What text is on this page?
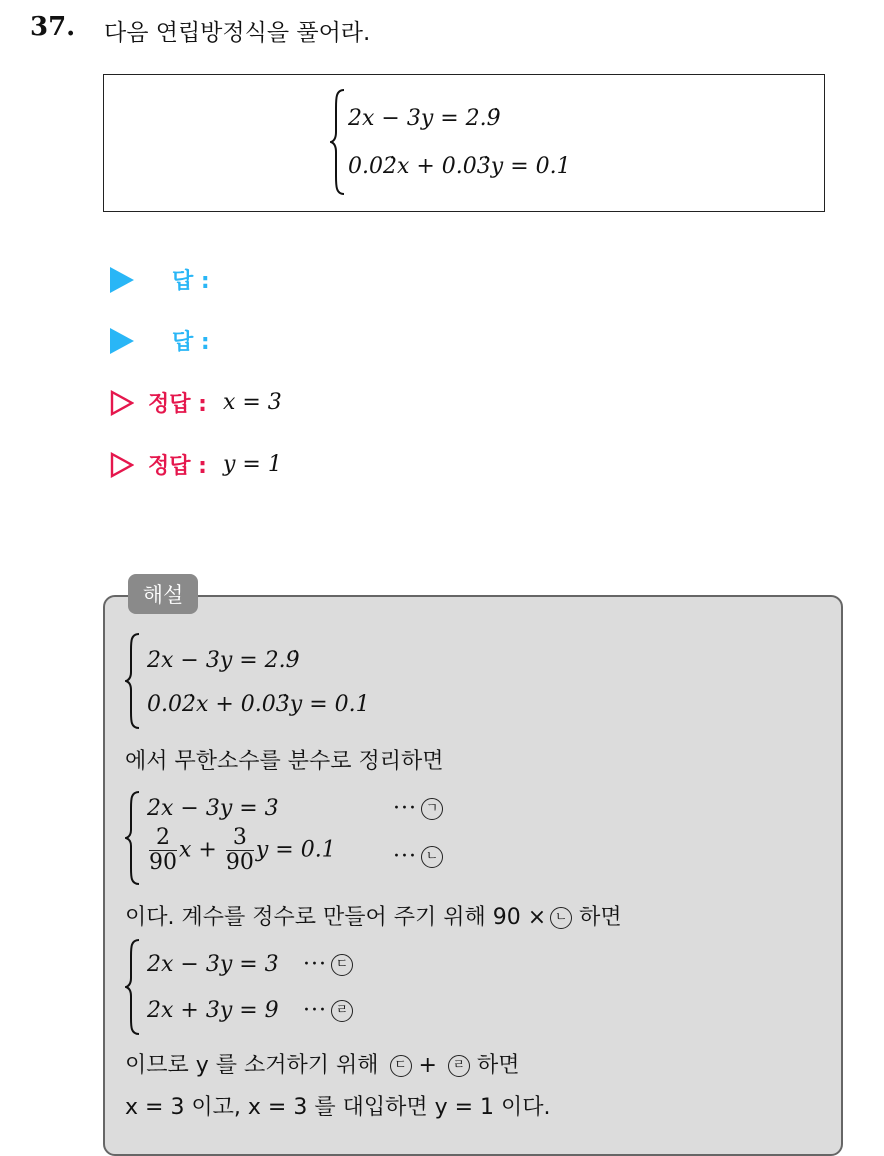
37. 다음 연립방정식을 풀어라.
2x − 3y = 2.9̇
0.02̇x + 0.03̇y = 0.1
답 :
답 :
정답 : x = 3
정답 : y = 1
해설
2x − 3y = 2.9̇
0.02̇x + 0.03̇y = 0.1
에서 무한소수를 분수로 정리하면
2x − 3y = 3	··· ㄱ
$\frac{2}{90}$ $x + \frac{3}{90}$ y = 0.1	··· ㄴ
이다. 계수를 정수로 만들어 주기 위해 90 × ㄴ 하면
2x − 3y = 3 ··· ㄷ
2x + 3y = 9 ··· ㄹ
이므로 y 를 소거하기 위해 ㄷ + ㄹ 하면
x = 3 이고, x = 3 를 대입하면 y = 1 이다.
